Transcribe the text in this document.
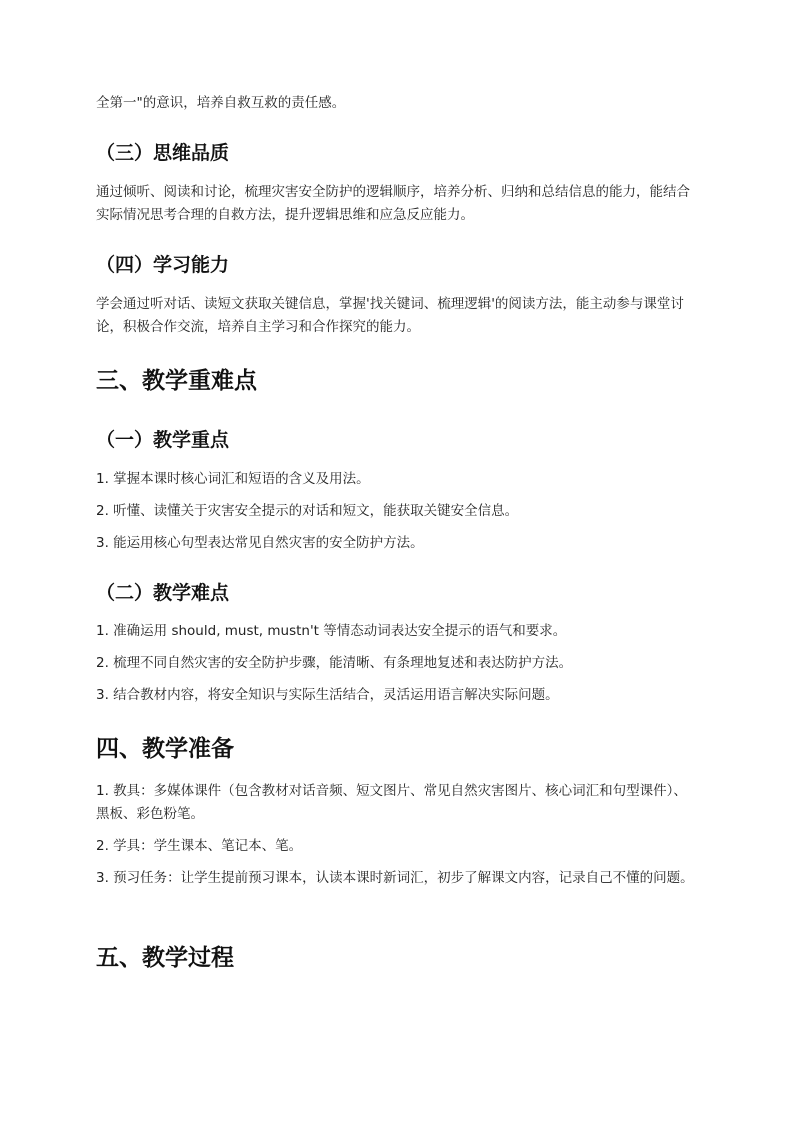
全第一"的意识，培养自救互救的责任感。

（三）思维品质

通过倾听、阅读和讨论，梳理灾害安全防护的逻辑顺序，培养分析、归纳和总结信息的能力，能结合实际情况思考合理的自救方法，提升逻辑思维和应急反应能力。

（四）学习能力

学会通过听对话、读短文获取关键信息，掌握'找关键词、梳理逻辑'的阅读方法，能主动参与课堂讨论，积极合作交流，培养自主学习和合作探究的能力。

三、教学重难点
（一）教学重点

1. 掌握本课时核心词汇和短语的含义及用法。

2. 听懂、读懂关于灾害安全提示的对话和短文，能获取关键安全信息。

3. 能运用核心句型表达常见自然灾害的安全防护方法。

（二）教学难点

1. 准确运用 should, must, mustn't 等情态动词表达安全提示的语气和要求。

2. 梳理不同自然灾害的安全防护步骤，能清晰、有条理地复述和表达防护方法。

3. 结合教材内容，将安全知识与实际生活结合，灵活运用语言解决实际问题。

四、教学准备

1. 教具：多媒体课件（包含教材对话音频、短文图片、常见自然灾害图片、核心词汇和句型课件）、黑板、彩色粉笔。

2. 学具：学生课本、笔记本、笔。

3. 预习任务：让学生提前预习课本，认读本课时新词汇，初步了解课文内容，记录自己不懂的问题。

五、教学过程
